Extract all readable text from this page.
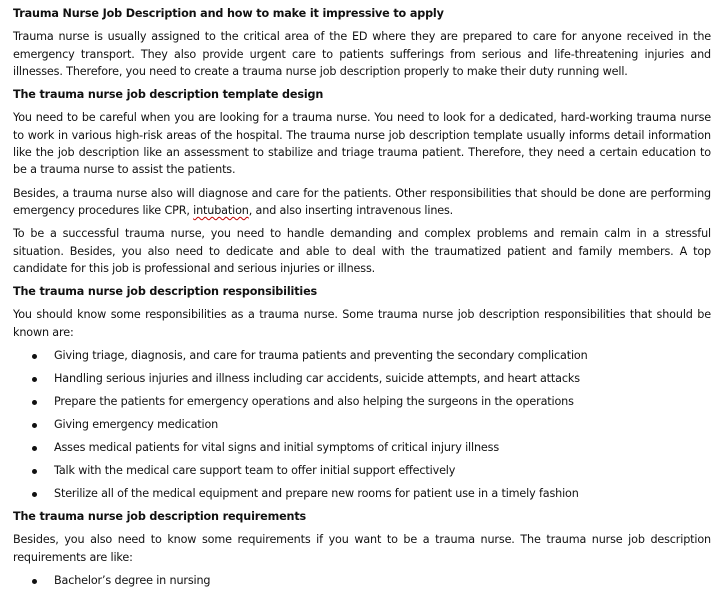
Trauma Nurse Job Description and how to make it impressive to apply

Trauma nurse is usually assigned to the critical area of the ED where they are prepared to care for anyone received in the emergency transport. They also provide urgent care to patients sufferings from serious and life-threatening injuries and illnesses. Therefore, you need to create a trauma nurse job description properly to make their duty running well.

The trauma nurse job description template design

You need to be careful when you are looking for a trauma nurse. You need to look for a dedicated, hard-working trauma nurse to work in various high-risk areas of the hospital. The trauma nurse job description template usually informs detail information like the job description like an assessment to stabilize and triage trauma patient. Therefore, they need a certain education to be a trauma nurse to assist the patients.

Besides, a trauma nurse also will diagnose and care for the patients. Other responsibilities that should be done are performing emergency procedures like CPR, intubation, and also inserting intravenous lines.

To be a successful trauma nurse, you need to handle demanding and complex problems and remain calm in a stressful situation. Besides, you also need to dedicate and able to deal with the traumatized patient and family members. A top candidate for this job is professional and serious injuries or illness.

The trauma nurse job description responsibilities

You should know some responsibilities as a trauma nurse. Some trauma nurse job description responsibilities that should be known are:

Giving triage, diagnosis, and care for trauma patients and preventing the secondary complication
Handling serious injuries and illness including car accidents, suicide attempts, and heart attacks
Prepare the patients for emergency operations and also helping the surgeons in the operations
Giving emergency medication
Asses medical patients for vital signs and initial symptoms of critical injury illness
Talk with the medical care support team to offer initial support effectively
Sterilize all of the medical equipment and prepare new rooms for patient use in a timely fashion
The trauma nurse job description requirements

Besides, you also need to know some requirements if you want to be a trauma nurse. The trauma nurse job description requirements are like:

Bachelor’s degree in nursing
